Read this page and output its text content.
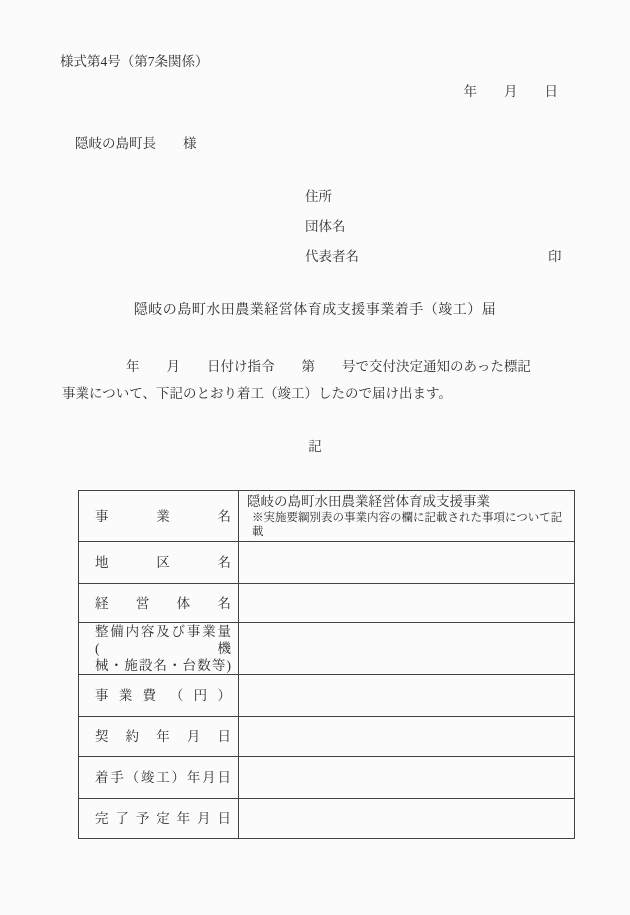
様式第4号（第7条関係）
年　　月　　日
隠岐の島町長　　様
住所
団体名
代表者名	印
隠岐の島町水田農業経営体育成支援事業着手（竣工）届
年　　月　　日付け指令　　第　　号で交付決定通知のあった標記
事業について、下記のとおり着工（竣工）したので届け出ます。
記
事業名	隠岐の島町水田農業経営体育成支援事業
※実施要綱別表の事業内容の欄に記載された事項について記載

地区名	

経営体名	

整備内容及び事業量(機
械・施設名・台数等)	

事 業 費　（ 円 ）	

契約年月日	

着手（竣工）年月日	

完了予定年月日	
